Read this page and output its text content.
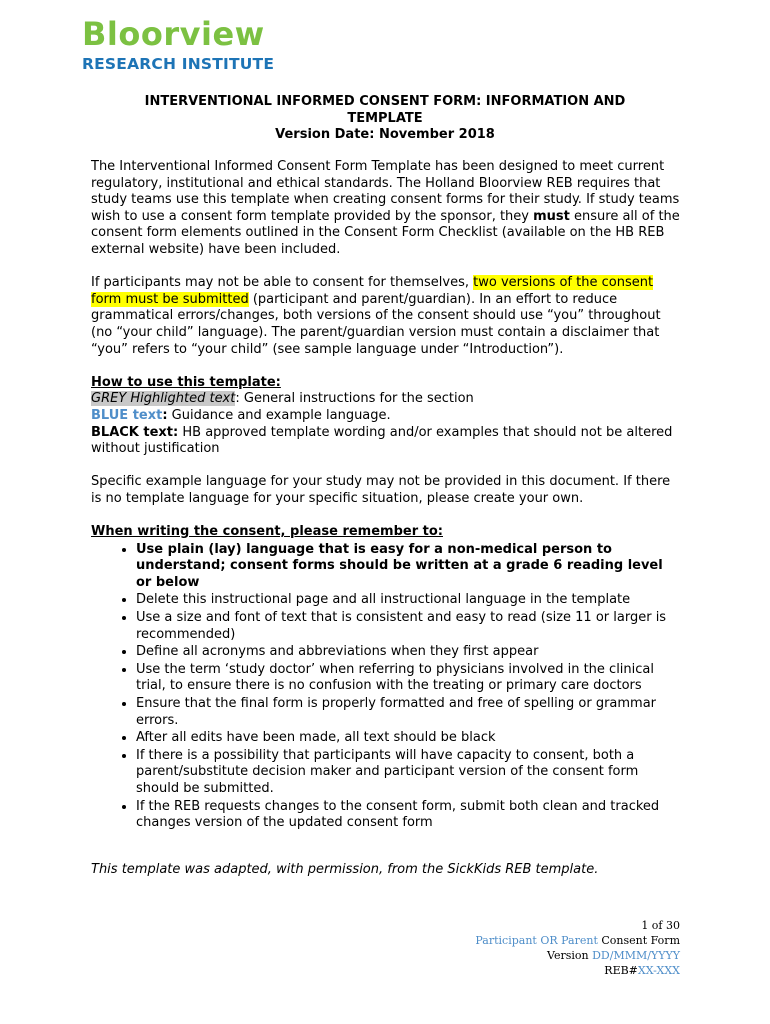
Bloorview
RESEARCH INSTITUTE
INTERVENTIONAL INFORMED CONSENT FORM: INFORMATION AND
TEMPLATE
Version Date: November 2018

The Interventional Informed Consent Form Template has been designed to meet current regulatory, institutional and ethical standards. The Holland Bloorview REB requires that study teams use this template when creating consent forms for their study. If study teams wish to use a consent form template provided by the sponsor, they must ensure all of the consent form elements outlined in the Consent Form Checklist (available on the HB REB external website) have been included.

If participants may not be able to consent for themselves, two versions of the consent form must be submitted (participant and parent/guardian). In an effort to reduce grammatical errors/changes, both versions of the consent should use “you” throughout (no “your child” language). The parent/guardian version must contain a disclaimer that “you” refers to “your child” (see sample language under “Introduction”).

How to use this template:

GREY Highlighted text: General instructions for the section

BLUE text: Guidance and example language.

BLACK text: HB approved template wording and/or examples that should not be altered without justification

Specific example language for your study may not be provided in this document. If there is no template language for your specific situation, please create your own.

When writing the consent, please remember to:

• Use plain (lay) language that is easy for a non-medical person to understand; consent forms should be written at a grade 6 reading level or below
• Delete this instructional page and all instructional language in the template
• Use a size and font of text that is consistent and easy to read (size 11 or larger is recommended)
• Define all acronyms and abbreviations when they first appear
• Use the term ‘study doctor’ when referring to physicians involved in the clinical trial, to ensure there is no confusion with the treating or primary care doctors
• Ensure that the final form is properly formatted and free of spelling or grammar errors.
• After all edits have been made, all text should be black
• If there is a possibility that participants will have capacity to consent, both a parent/substitute decision maker and participant version of the consent form should be submitted.
• If the REB requests changes to the consent form, submit both clean and tracked changes version of the updated consent form

This template was adapted, with permission, from the SickKids REB template.

1 of 30
Participant OR Parent Consent Form
Version DD/MMM/YYYY
REB#XX-XXX
